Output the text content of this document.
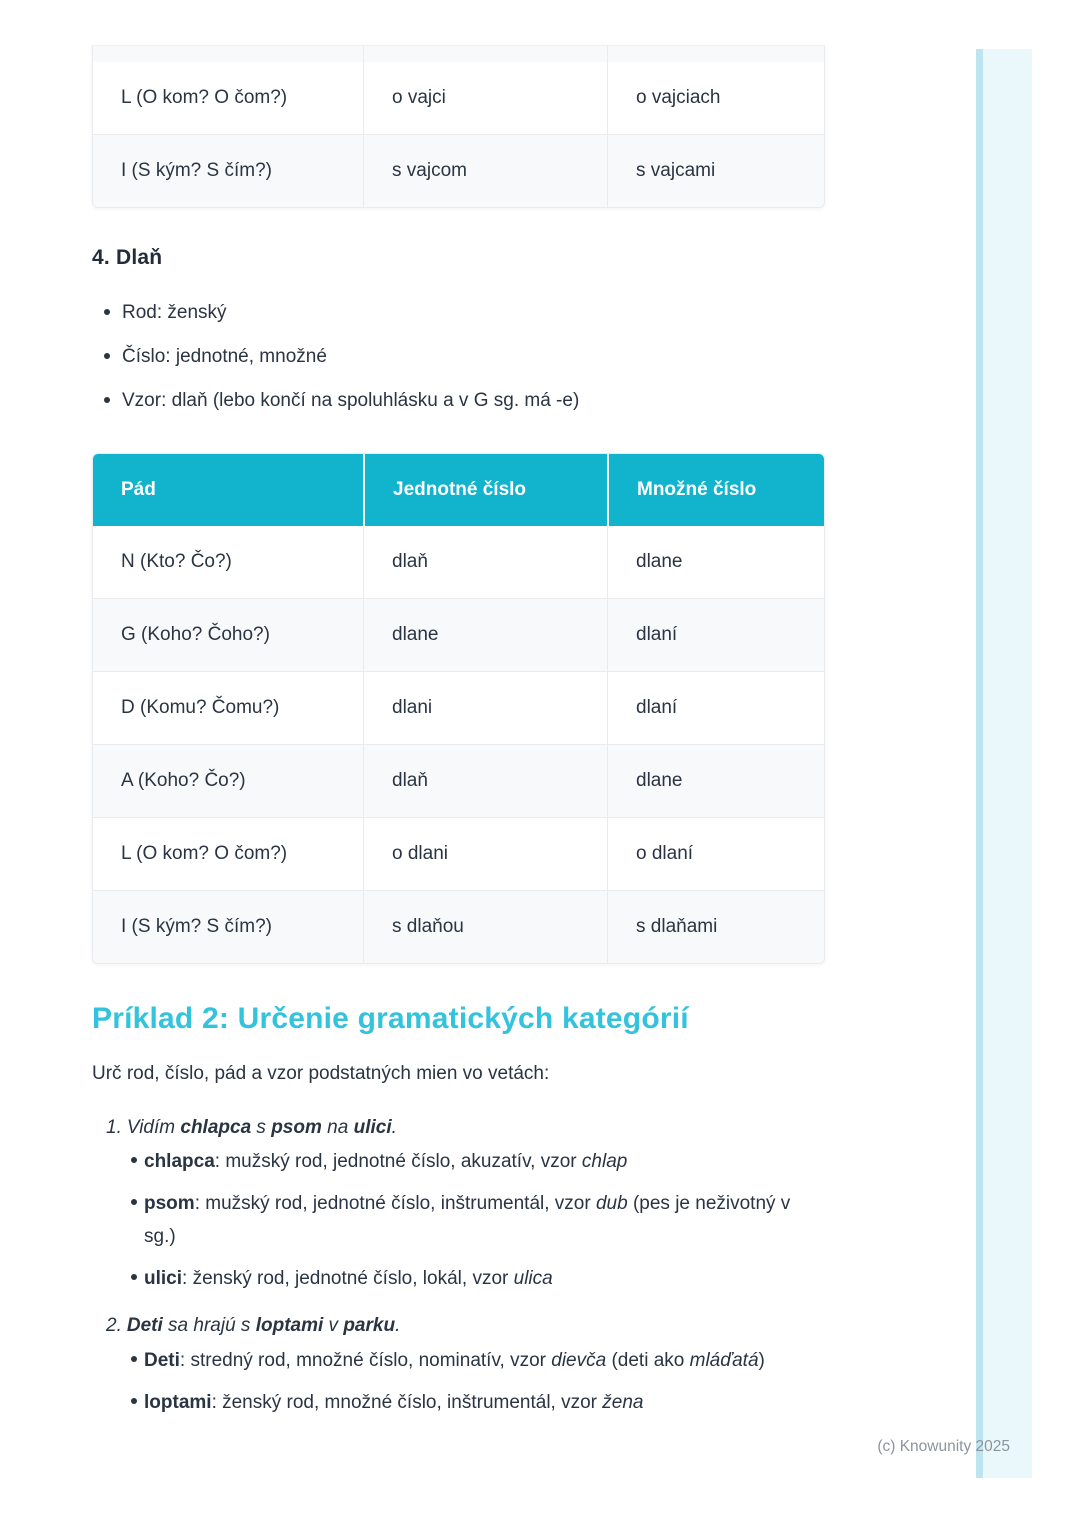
L (O kom? O čom?)	o vajci	o vajciach
I (S kým? S čím?)	s vajcom	s vajcami
4. Dlaň
Rod: ženský
Číslo: jednotné, množné
Vzor: dlaň (lebo končí na spoluhlásku a v G sg. má -e)
Pád	Jednotné číslo	Množné číslo
N (Kto? Čo?)	dlaň	dlane
G (Koho? Čoho?)	dlane	dlaní
D (Komu? Čomu?)	dlani	dlaní
A (Koho? Čo?)	dlaň	dlane
L (O kom? O čom?)	o dlani	o dlaní
I (S kým? S čím?)	s dlaňou	s dlaňami
Príklad 2: Určenie gramatických kategórií

Urč rod, číslo, pád a vzor podstatných mien vo vetách:

1. Vidím chlapca s psom na ulici.
chlapca: mužský rod, jednotné číslo, akuzatív, vzor chlap
psom: mužský rod, jednotné číslo, inštrumentál, vzor dub (pes je neživotný v sg.)
ulici: ženský rod, jednotné číslo, lokál, vzor ulica
2. Deti sa hrajú s loptami v parku.
Deti: stredný rod, množné číslo, nominatív, vzor dievča (deti ako mláďatá)
loptami: ženský rod, množné číslo, inštrumentál, vzor žena
(c) Knowunity 2025
